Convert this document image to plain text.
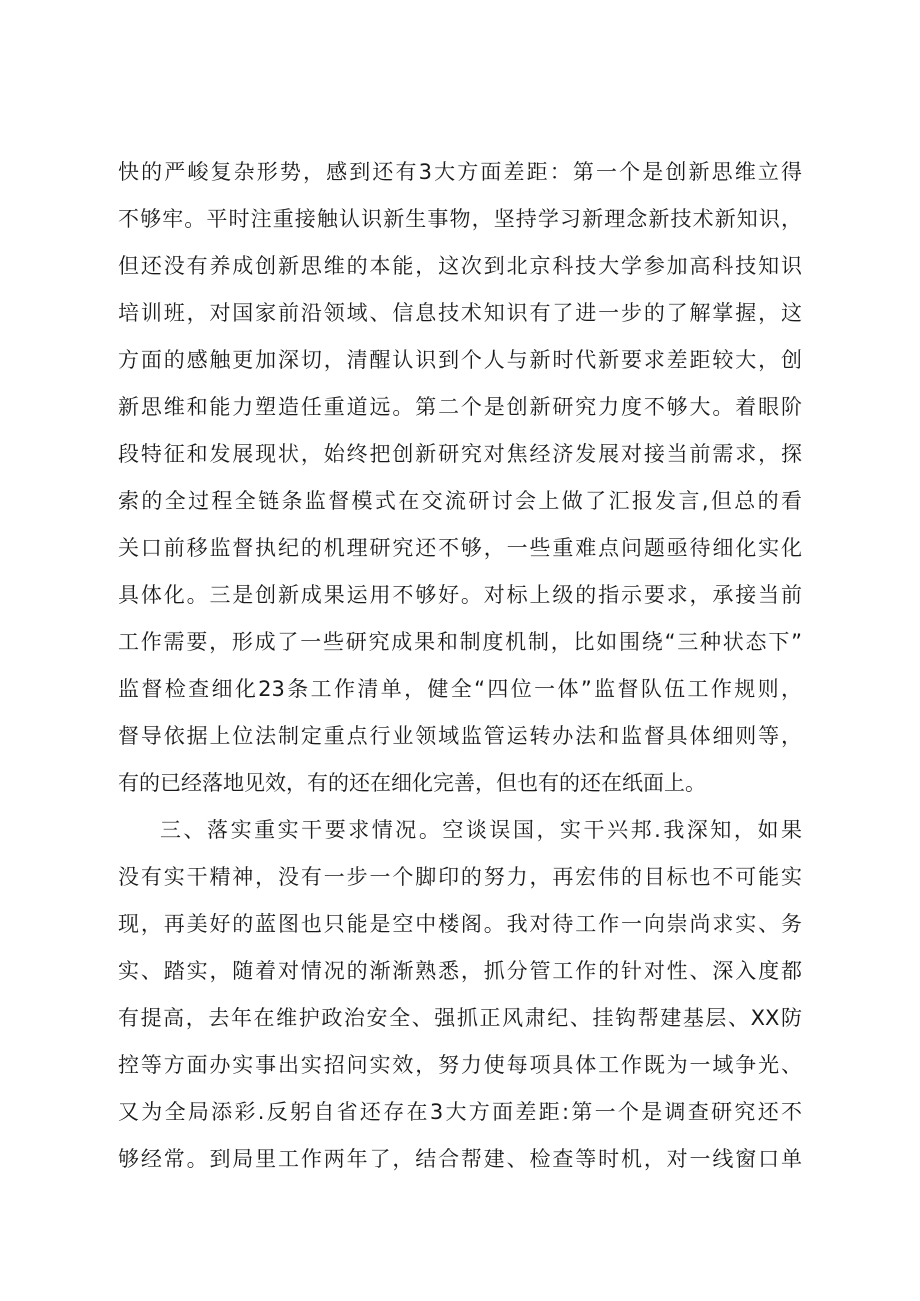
快的严峻复杂形势，感到还有3大方面差距：第一个是创新思维立得
不够牢。平时注重接触认识新生事物，坚持学习新理念新技术新知识，
但还没有养成创新思维的本能，这次到北京科技大学参加高科技知识
培训班，对国家前沿领域、信息技术知识有了进一步的了解掌握，这
方面的感触更加深切，清醒认识到个人与新时代新要求差距较大，创
新思维和能力塑造任重道远。第二个是创新研究力度不够大。着眼阶
段特征和发展现状，始终把创新研究对焦经济发展对接当前需求，探
索的全过程全链条监督模式在交流研讨会上做了汇报发言,但总的看
关口前移监督执纪的机理研究还不够，一些重难点问题亟待细化实化
具体化。三是创新成果运用不够好。对标上级的指示要求，承接当前
工作需要，形成了一些研究成果和制度机制，比如围绕“三种状态下”
监督检查细化23条工作清单，健全“四位一体”监督队伍工作规则，
督导依据上位法制定重点行业领域监管运转办法和监督具体细则等，
有的已经落地见效，有的还在细化完善，但也有的还在纸面上。
三、落实重实干要求情况。空谈误国，实干兴邦.我深知，如果
没有实干精神，没有一步一个脚印的努力，再宏伟的目标也不可能实
现，再美好的蓝图也只能是空中楼阁。我对待工作一向崇尚求实、务
实、踏实，随着对情况的渐渐熟悉，抓分管工作的针对性、深入度都
有提高，去年在维护政治安全、强抓正风肃纪、挂钩帮建基层、XX防
控等方面办实事出实招问实效，努力使每项具体工作既为一域争光、
又为全局添彩.反躬自省还存在3大方面差距:第一个是调查研究还不
够经常。到局里工作两年了，结合帮建、检查等时机，对一线窗口单
